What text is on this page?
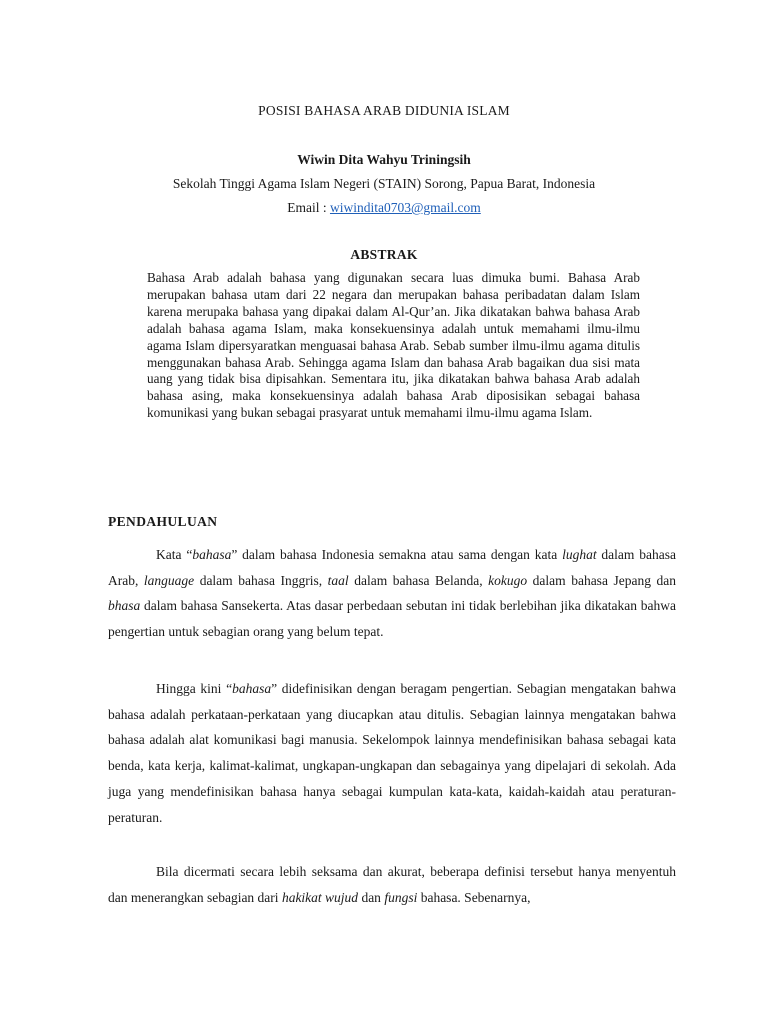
POSISI BAHASA ARAB DIDUNIA ISLAM
Wiwin Dita Wahyu Triningsih
Sekolah Tinggi Agama Islam Negeri (STAIN) Sorong, Papua Barat, Indonesia
Email : wiwindita0703@gmail.com
ABSTRAK
Bahasa Arab adalah bahasa yang digunakan secara luas dimuka bumi. Bahasa Arab merupakan bahasa utam dari 22 negara dan merupakan bahasa peribadatan dalam Islam karena merupaka bahasa yang dipakai dalam Al-Qur’an. Jika dikatakan bahwa bahasa Arab adalah bahasa agama Islam, maka konsekuensinya adalah untuk memahami ilmu-ilmu agama Islam dipersyaratkan menguasai bahasa Arab. Sebab sumber ilmu-ilmu agama ditulis menggunakan bahasa Arab. Sehingga agama Islam dan bahasa Arab bagaikan dua sisi mata uang yang tidak bisa dipisahkan. Sementara itu, jika dikatakan bahwa bahasa Arab adalah bahasa asing, maka konsekuensinya adalah bahasa Arab diposisikan sebagai bahasa komunikasi yang bukan sebagai prasyarat untuk memahami ilmu-ilmu agama Islam.
PENDAHULUAN

Kata “bahasa” dalam bahasa Indonesia semakna atau sama dengan kata lughat dalam bahasa Arab, language dalam bahasa Inggris, taal dalam bahasa Belanda, kokugo dalam bahasa Jepang dan bhasa dalam bahasa Sansekerta. Atas dasar perbedaan sebutan ini tidak berlebihan jika dikatakan bahwa pengertian untuk sebagian orang yang belum tepat.

Hingga kini “bahasa” didefinisikan dengan beragam pengertian. Sebagian mengatakan bahwa bahasa adalah perkataan-perkataan yang diucapkan atau ditulis. Sebagian lainnya mengatakan bahwa bahasa adalah alat komunikasi bagi manusia. Sekelompok lainnya mendefinisikan bahasa sebagai kata benda, kata kerja, kalimat-kalimat, ungkapan-ungkapan dan sebagainya yang dipelajari di sekolah. Ada juga yang mendefinisikan bahasa hanya sebagai kumpulan kata-kata, kaidah-kaidah atau peraturan-peraturan.

Bila dicermati secara lebih seksama dan akurat, beberapa definisi tersebut hanya menyentuh dan menerangkan sebagian dari hakikat wujud dan fungsi bahasa. Sebenarnya,
